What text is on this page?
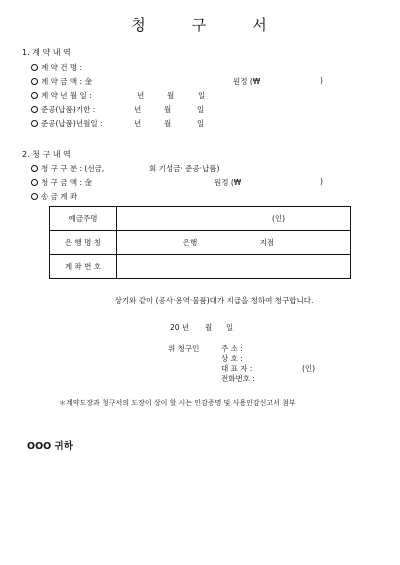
청	구	서
1. 계 약 내 역
계 약 건 명 :
계 약 금 액 : 金	원정 (₩	)
계 약 년 월 일 :	년	월	일
준공(납품)기한 :	년	월	일
준공(납품)년월일 :	년	월	일
2. 청 구 내 역
청 구 구 분 : (선금,	회 기성금· 준공·납품)
청 구 금 액 : 金	원정 (₩	)
송 금 계 좌
예금주명	(인)
은 행 명 칭	은행 지점
계 좌 번 호	
상기와 같이 (공사·용역·물품)대가 지급을 청하여 청구합니다.
20 년 월 일
위 청구인	주 소 :
상 호 :
대 표 자 :	(인)
전화번호 :
＊계약도장과 청구서의 도장이 상이 할 시는 인감증명 및 사용인감신고서 첨부
OOO 귀하
